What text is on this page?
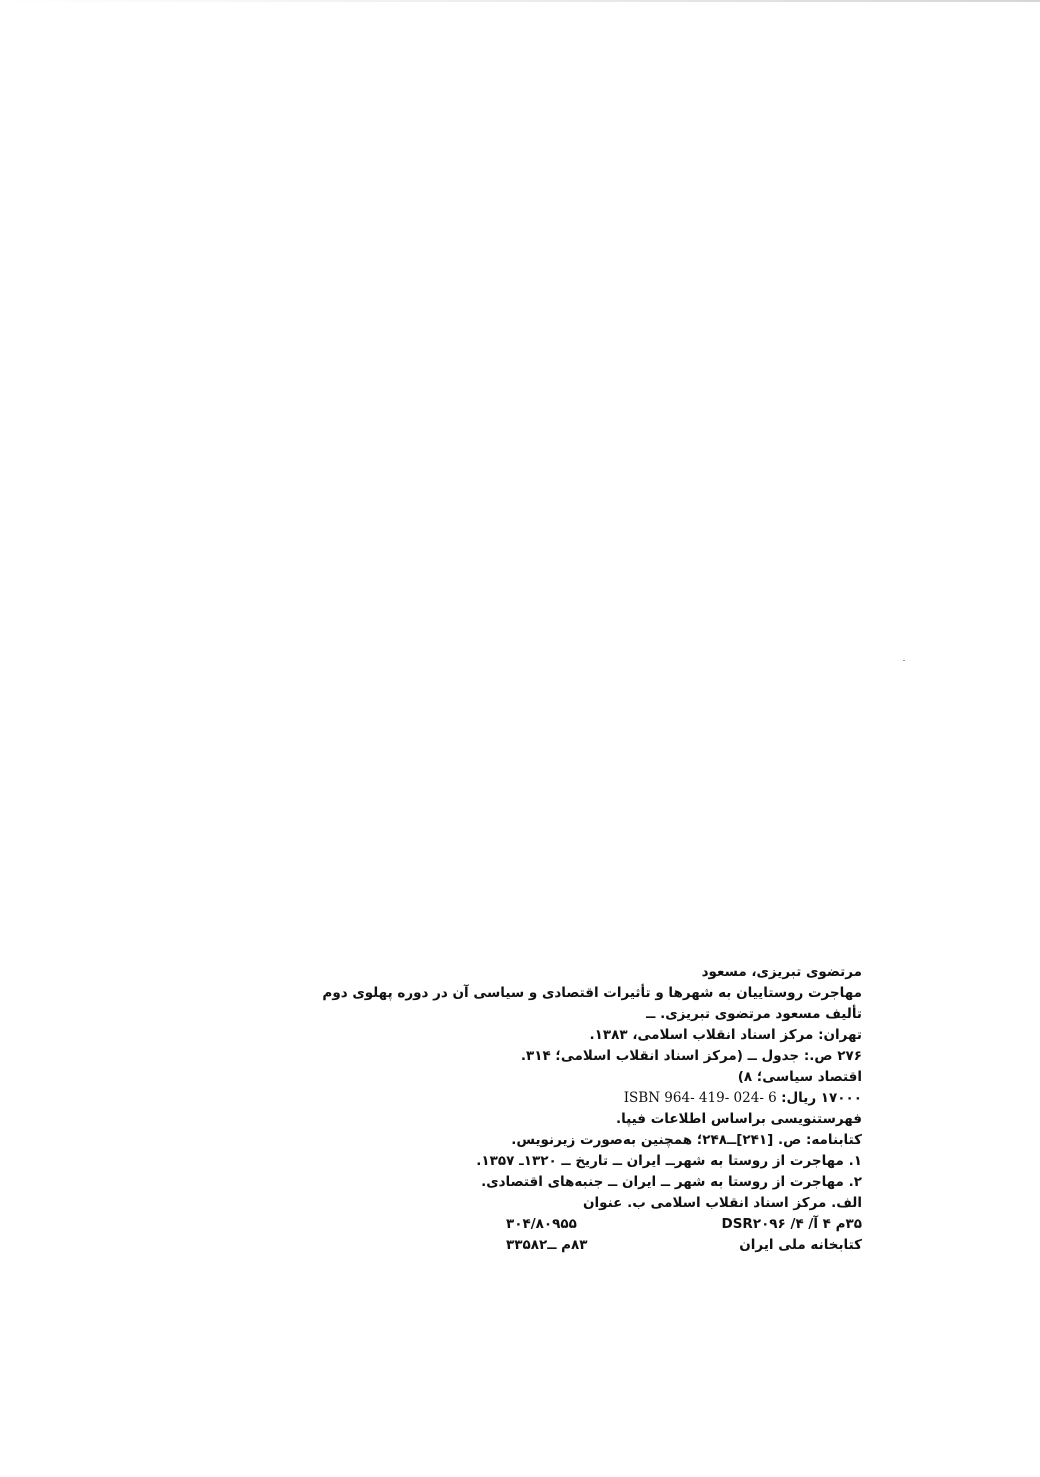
مرتضوی تبریزی، مسعود
مهاجرت روستاییان به شهرها و تأثیرات اقتصادی و سیاسی آن در دوره پهلوی دوم
تألیف مسعود مرتضوی تبریزی. ــ
تهران: مرکز اسناد انقلاب اسلامی، ۱۳۸۳.
۲۷۶ ص.: جدول ــ (مرکز اسناد انقلاب اسلامی؛ ۳۱۴.
اقتصاد سیاسی؛ ۸)
۱۷۰۰۰ ریال: ISBN 964- 419- 024- 6
فهرستنویسی براساس اطلاعات فیپا.
کتابنامه: ص. [۲۴۱]ــ۲۴۸؛ همچنین به‌صورت زیرنویس.
۱. مهاجرت از روستا به شهرــ ایران ــ تاریخ ــ ۱۳۲۰ـ ۱۳۵۷.
۲. مهاجرت از روستا به شهر ــ ایران ــ جنبه‌های اقتصادی.
الف. مرکز اسناد انقلاب اسلامی ب. عنوان
۳۵م ۴ آ/ ۴/ DSR۲۰۹۶
۳۰۴/۸۰۹۵۵
کتابخانه ملی ایران
۸۳م ــ۳۳۵۸۲
